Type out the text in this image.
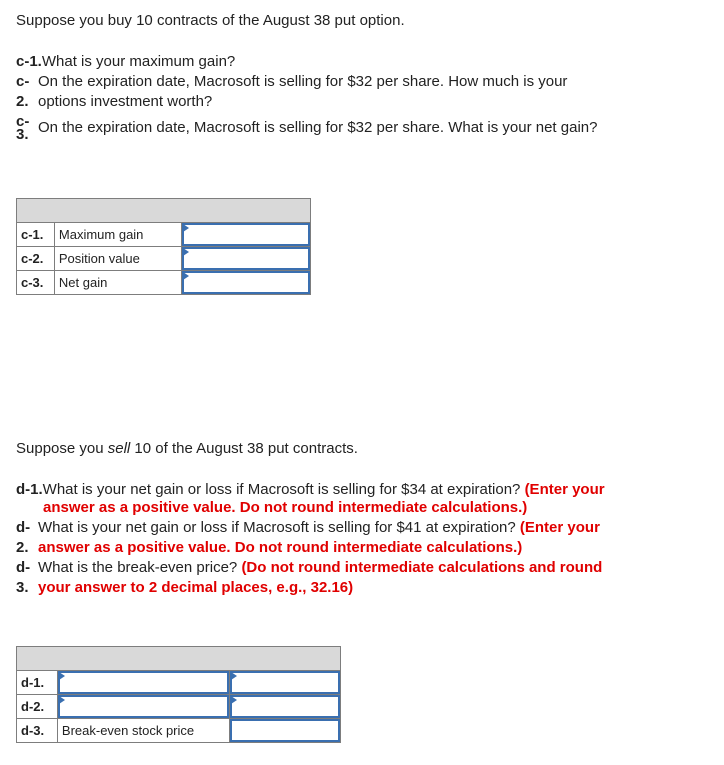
Suppose you buy 10 contracts of the August 38 put option.

c-1. What is your maximum gain?
c-
2.
On the expiration date, Macrosoft is selling for $32 per share. How much is your
options investment worth?
c-
3. On the expiration date, Macrosoft is selling for $32 per share. What is your net gain?

c-1.	Maximum gain	

c-2.	Position value	

c-3.	Net gain	

Suppose you sell 10 of the August 38 put contracts.

d-1. What is your net gain or loss if Macrosoft is selling for $34 at expiration? (Enter your
answer as a positive value. Do not round intermediate calculations.)
d-
2.
What is your net gain or loss if Macrosoft is selling for $41 at expiration? (Enter your
answer as a positive value. Do not round intermediate calculations.)
d-
3.
What is the break-even price? (Do not round intermediate calculations and round
your answer to 2 decimal places, e.g., 32.16)

d-1.	

d-2.	

d-3.	Break-even stock price	
